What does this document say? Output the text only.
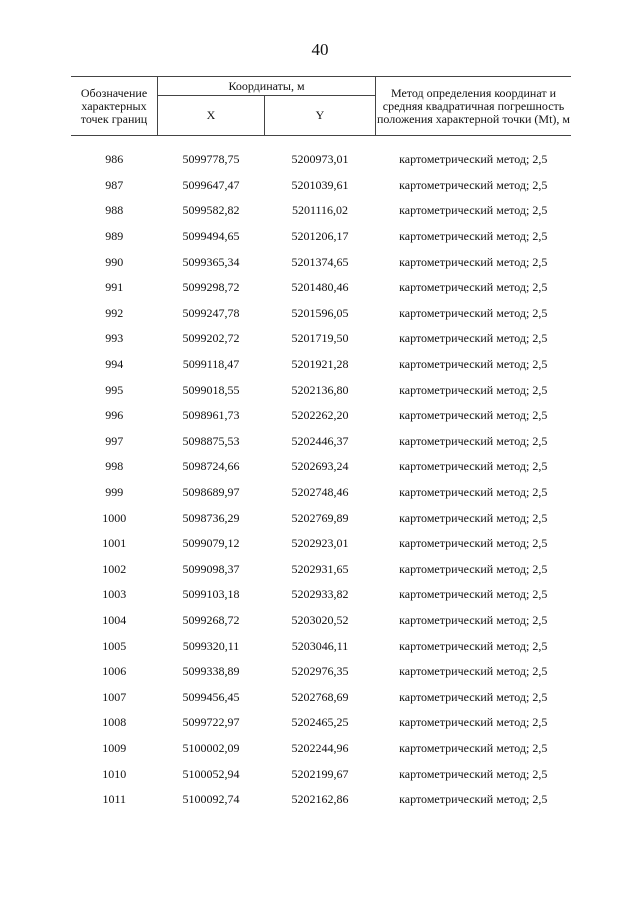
40
Обозначение характерных точек границ	Координаты, м		Метод определения координат и средняя квадратичная погрешность положения характерной точки (Mt), м
	X	Y	

986	5099778,75	5200973,01	картометрический метод; 2,5
987	5099647,47	5201039,61	картометрический метод; 2,5
988	5099582,82	5201116,02	картометрический метод; 2,5
989	5099494,65	5201206,17	картометрический метод; 2,5
990	5099365,34	5201374,65	картометрический метод; 2,5
991	5099298,72	5201480,46	картометрический метод; 2,5
992	5099247,78	5201596,05	картометрический метод; 2,5
993	5099202,72	5201719,50	картометрический метод; 2,5
994	5099118,47	5201921,28	картометрический метод; 2,5
995	5099018,55	5202136,80	картометрический метод; 2,5
996	5098961,73	5202262,20	картометрический метод; 2,5
997	5098875,53	5202446,37	картометрический метод; 2,5
998	5098724,66	5202693,24	картометрический метод; 2,5
999	5098689,97	5202748,46	картометрический метод; 2,5
1000	5098736,29	5202769,89	картометрический метод; 2,5
1001	5099079,12	5202923,01	картометрический метод; 2,5
1002	5099098,37	5202931,65	картометрический метод; 2,5
1003	5099103,18	5202933,82	картометрический метод; 2,5
1004	5099268,72	5203020,52	картометрический метод; 2,5
1005	5099320,11	5203046,11	картометрический метод; 2,5
1006	5099338,89	5202976,35	картометрический метод; 2,5
1007	5099456,45	5202768,69	картометрический метод; 2,5
1008	5099722,97	5202465,25	картометрический метод; 2,5
1009	5100002,09	5202244,96	картометрический метод; 2,5
1010	5100052,94	5202199,67	картометрический метод; 2,5
1011	5100092,74	5202162,86	картометрический метод; 2,5
